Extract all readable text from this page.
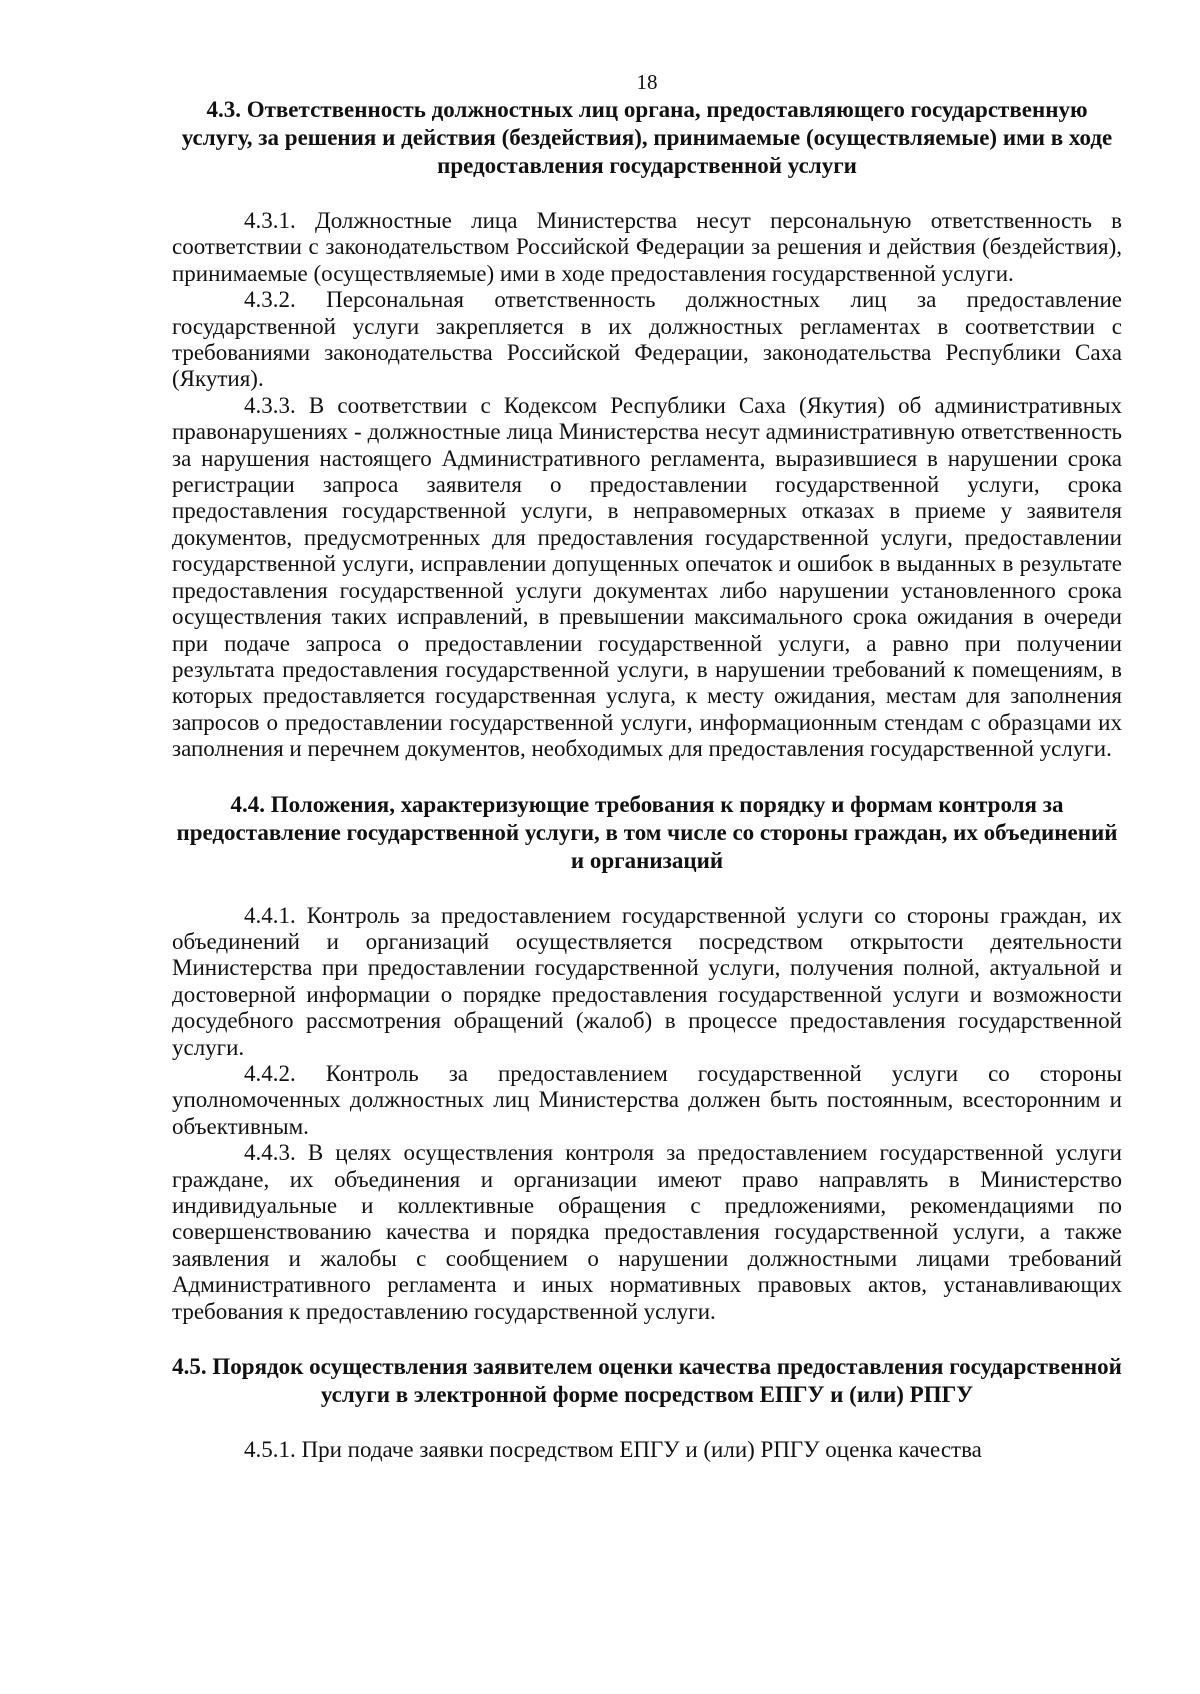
18
4.3. Ответственность должностных лиц органа, предоставляющего государственную услугу, за решения и действия (бездействия), принимаемые (осуществляемые) ими в ходе предоставления государственной услуги

4.3.1. Должностные лица Министерства несут персональную ответственность в соответствии с законодательством Российской Федерации за решения и действия (бездействия), принимаемые (осуществляемые) ими в ходе предоставления государственной услуги.

4.3.2. Персональная ответственность должностных лиц за предоставление государственной услуги закрепляется в их должностных регламентах в соответствии с требованиями законодательства Российской Федерации, законодательства Республики Саха (Якутия).

4.3.3. В соответствии с Кодексом Республики Саха (Якутия) об административных правонарушениях - должностные лица Министерства несут административную ответственность за нарушения настоящего Административного регламента, выразившиеся в нарушении срока регистрации запроса заявителя о предоставлении государственной услуги, срока предоставления государственной услуги, в неправомерных отказах в приеме у заявителя документов, предусмотренных для предоставления государственной услуги, предоставлении государственной услуги, исправлении допущенных опечаток и ошибок в выданных в результате предоставления государственной услуги документах либо нарушении установленного срока осуществления таких исправлений, в превышении максимального срока ожидания в очереди при подаче запроса о предоставлении государственной услуги, а равно при получении результата предоставления государственной услуги, в нарушении требований к помещениям, в которых предоставляется государственная услуга, к месту ожидания, местам для заполнения запросов о предоставлении государственной услуги, информационным стендам с образцами их заполнения и перечнем документов, необходимых для предоставления государственной услуги.

4.4. Положения, характеризующие требования к порядку и формам контроля за предоставление государственной услуги, в том числе со стороны граждан, их объединений и организаций

4.4.1. Контроль за предоставлением государственной услуги со стороны граждан, их объединений и организаций осуществляется посредством открытости деятельности Министерства при предоставлении государственной услуги, получения полной, актуальной и достоверной информации о порядке предоставления государственной услуги и возможности досудебного рассмотрения обращений (жалоб) в процессе предоставления государственной услуги.

4.4.2. Контроль за предоставлением государственной услуги со стороны уполномоченных должностных лиц Министерства должен быть постоянным, всесторонним и объективным.

4.4.3. В целях осуществления контроля за предоставлением государственной услуги граждане, их объединения и организации имеют право направлять в Министерство индивидуальные и коллективные обращения с предложениями, рекомендациями по совершенствованию качества и порядка предоставления государственной услуги, а также заявления и жалобы с сообщением о нарушении должностными лицами требований Административного регламента и иных нормативных правовых актов, устанавливающих требования к предоставлению государственной услуги.

4.5. Порядок осуществления заявителем оценки качества предоставления государственной услуги в электронной форме посредством ЕПГУ и (или) РПГУ

4.5.1. При подаче заявки посредством ЕПГУ и (или) РПГУ оценка качества
